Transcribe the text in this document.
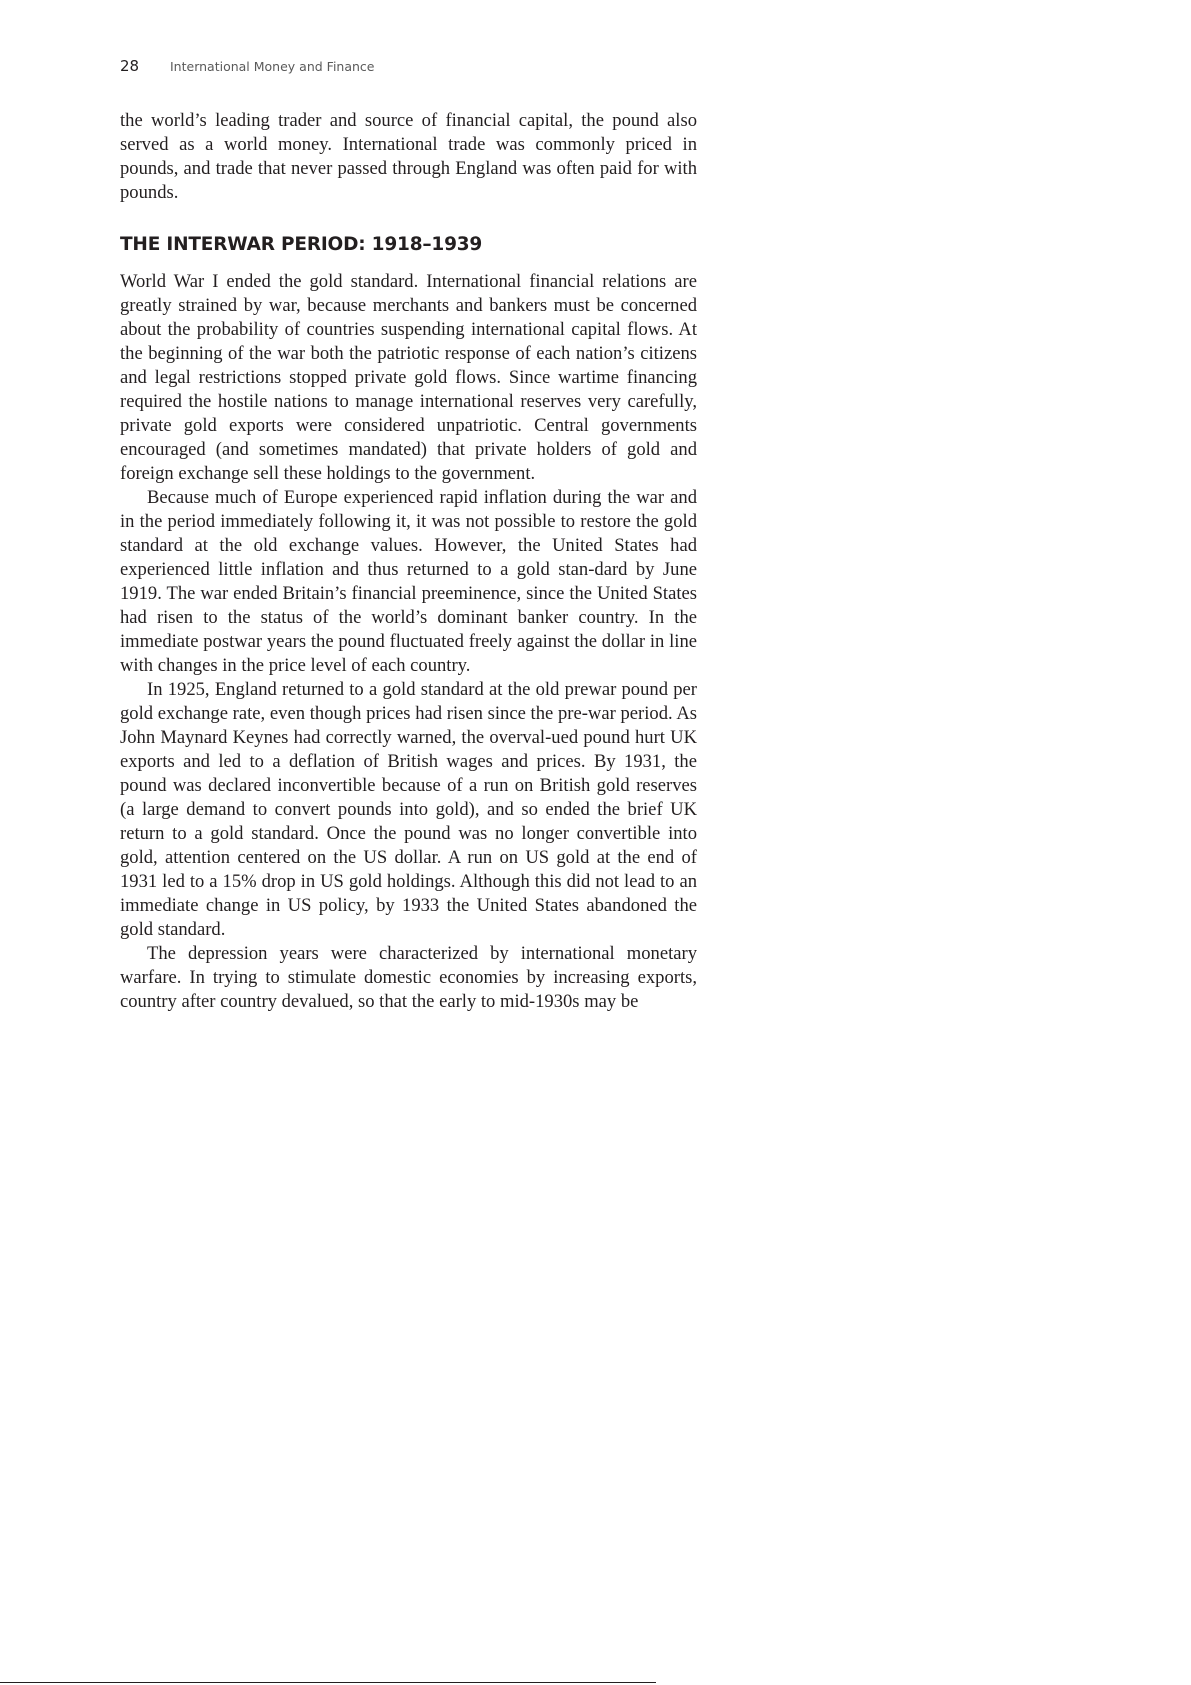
28	International Money and Finance

the world’s leading trader and source of financial capital, the pound also served as a world money. International trade was commonly priced in pounds, and trade that never passed through England was often paid for with pounds.

THE INTERWAR PERIOD: 1918–1939

World War I ended the gold standard. International financial relations are greatly strained by war, because merchants and bankers must be concerned about the probability of countries suspending international capital flows. At the beginning of the war both the patriotic response of each nation’s citizens and legal restrictions stopped private gold flows. Since wartime financing required the hostile nations to manage international reserves very carefully, private gold exports were considered unpatriotic. Central governments encouraged (and sometimes mandated) that private holders of gold and foreign exchange sell these holdings to the government.

Because much of Europe experienced rapid inflation during the war and in the period immediately following it, it was not possible to restore the gold standard at the old exchange values. However, the United States had experienced little inflation and thus returned to a gold stan-dard by June 1919. The war ended Britain’s financial preeminence, since the United States had risen to the status of the world’s dominant banker country. In the immediate postwar years the pound fluctuated freely against the dollar in line with changes in the price level of each country.

In 1925, England returned to a gold standard at the old prewar pound per gold exchange rate, even though prices had risen since the pre-war period. As John Maynard Keynes had correctly warned, the overval-ued pound hurt UK exports and led to a deflation of British wages and prices. By 1931, the pound was declared inconvertible because of a run on British gold reserves (a large demand to convert pounds into gold), and so ended the brief UK return to a gold standard. Once the pound was no longer convertible into gold, attention centered on the US dollar. A run on US gold at the end of 1931 led to a 15% drop in US gold holdings. Although this did not lead to an immediate change in US policy, by 1933 the United States abandoned the gold standard.

The depression years were characterized by international monetary warfare. In trying to stimulate domestic economies by increasing exports, country after country devalued, so that the early to mid-1930s may be
